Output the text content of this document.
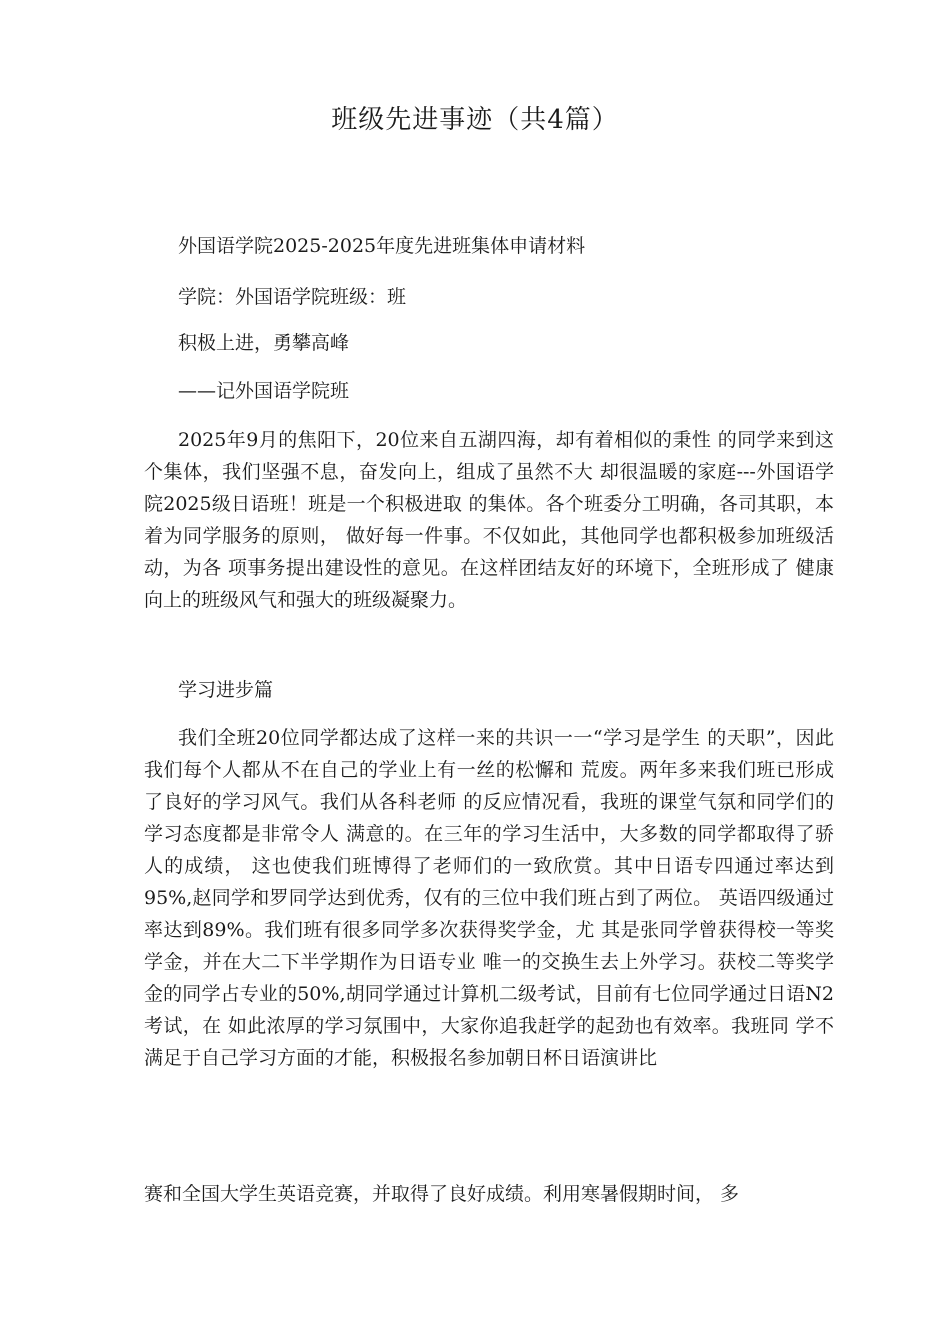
班级先进事迹（共4篇）
外国语学院2025-2025年度先进班集体申请材料
学院：外国语学院班级：班
积极上进，勇攀高峰
——记外国语学院班

2025年9月的焦阳下，20位来自五湖四海，却有着相似的秉性 的同学来到这个集体，我们坚强不息，奋发向上，组成了虽然不大 却很温暖的家庭---外国语学院2025级日语班！班是一个积极进取 的集体。各个班委分工明确，各司其职，本着为同学服务的原则， 做好每一件事。不仅如此，其他同学也都积极参加班级活动，为各 项事务提出建设性的意见。在这样团结友好的环境下，全班形成了 健康向上的班级风气和强大的班级凝聚力。

学习进步篇

我们全班20位同学都达成了这样一来的共识一一“学习是学生 的天职”，因此我们每个人都从不在自己的学业上有一丝的松懈和 荒废。两年多来我们班已形成了良好的学习风气。我们从各科老师 的反应情况看，我班的课堂气氛和同学们的学习态度都是非常令人 满意的。在三年的学习生活中，大多数的同学都取得了骄人的成绩， 这也使我们班博得了老师们的一致欣赏。其中日语专四通过率达到 95%,赵同学和罗同学达到优秀，仅有的三位中我们班占到了两位。 英语四级通过率达到89%。我们班有很多同学多次获得奖学金，尤 其是张同学曾获得校一等奖学金，并在大二下半学期作为日语专业 唯一的交换生去上外学习。获校二等奖学金的同学占专业的50%,胡同学通过计算机二级考试，目前有七位同学通过日语N2考试，在 如此浓厚的学习氛围中，大家你追我赶学的起劲也有效率。我班同 学不满足于自己学习方面的才能，积极报名参加朝日杯日语演讲比

赛和全国大学生英语竞赛，并取得了良好成绩。利用寒暑假期时间， 多
